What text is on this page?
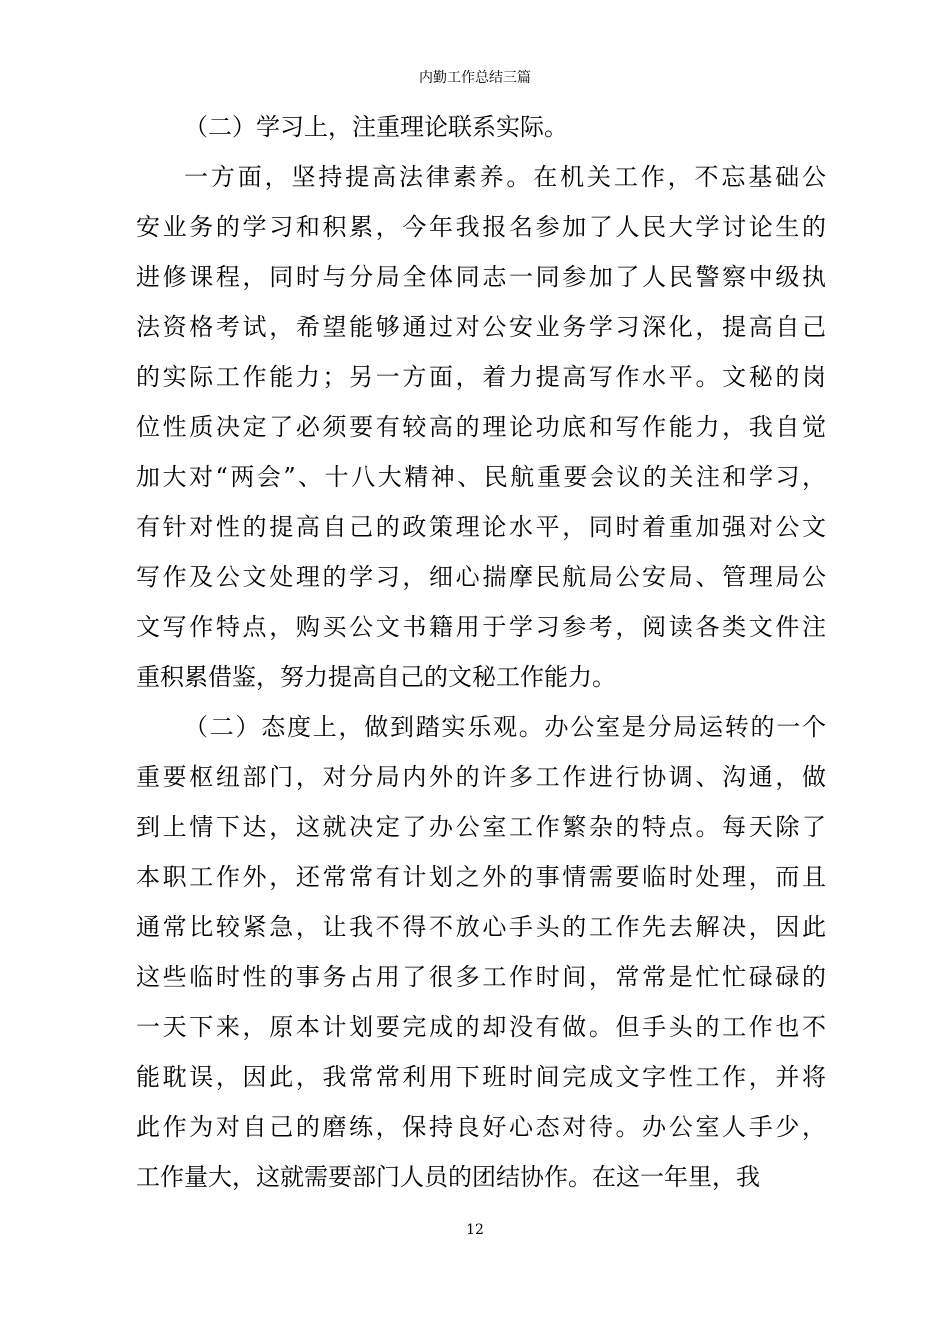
内勤工作总结三篇
（二）学习上，注重理论联系实际。
一方面，坚持提高法律素养。在机关工作，不忘基础公
安业务的学习和积累，今年我报名参加了人民大学讨论生的
进修课程，同时与分局全体同志一同参加了人民警察中级执
法资格考试，希望能够通过对公安业务学习深化，提高自己
的实际工作能力；另一方面，着力提高写作水平。文秘的岗
位性质决定了必须要有较高的理论功底和写作能力，我自觉
加大对“两会”、十八大精神、民航重要会议的关注和学习，
有针对性的提高自己的政策理论水平，同时着重加强对公文
写作及公文处理的学习，细心揣摩民航局公安局、管理局公
文写作特点，购买公文书籍用于学习参考，阅读各类文件注
重积累借鉴，努力提高自己的文秘工作能力。
（二）态度上，做到踏实乐观。办公室是分局运转的一个
重要枢纽部门，对分局内外的许多工作进行协调、沟通，做
到上情下达，这就决定了办公室工作繁杂的特点。每天除了
本职工作外，还常常有计划之外的事情需要临时处理，而且
通常比较紧急，让我不得不放心手头的工作先去解决，因此
这些临时性的事务占用了很多工作时间，常常是忙忙碌碌的
一天下来，原本计划要完成的却没有做。但手头的工作也不
能耽误，因此，我常常利用下班时间完成文字性工作，并将
此作为对自己的磨练，保持良好心态对待。办公室人手少，
工作量大，这就需要部门人员的团结协作。在这一年里，我
12
